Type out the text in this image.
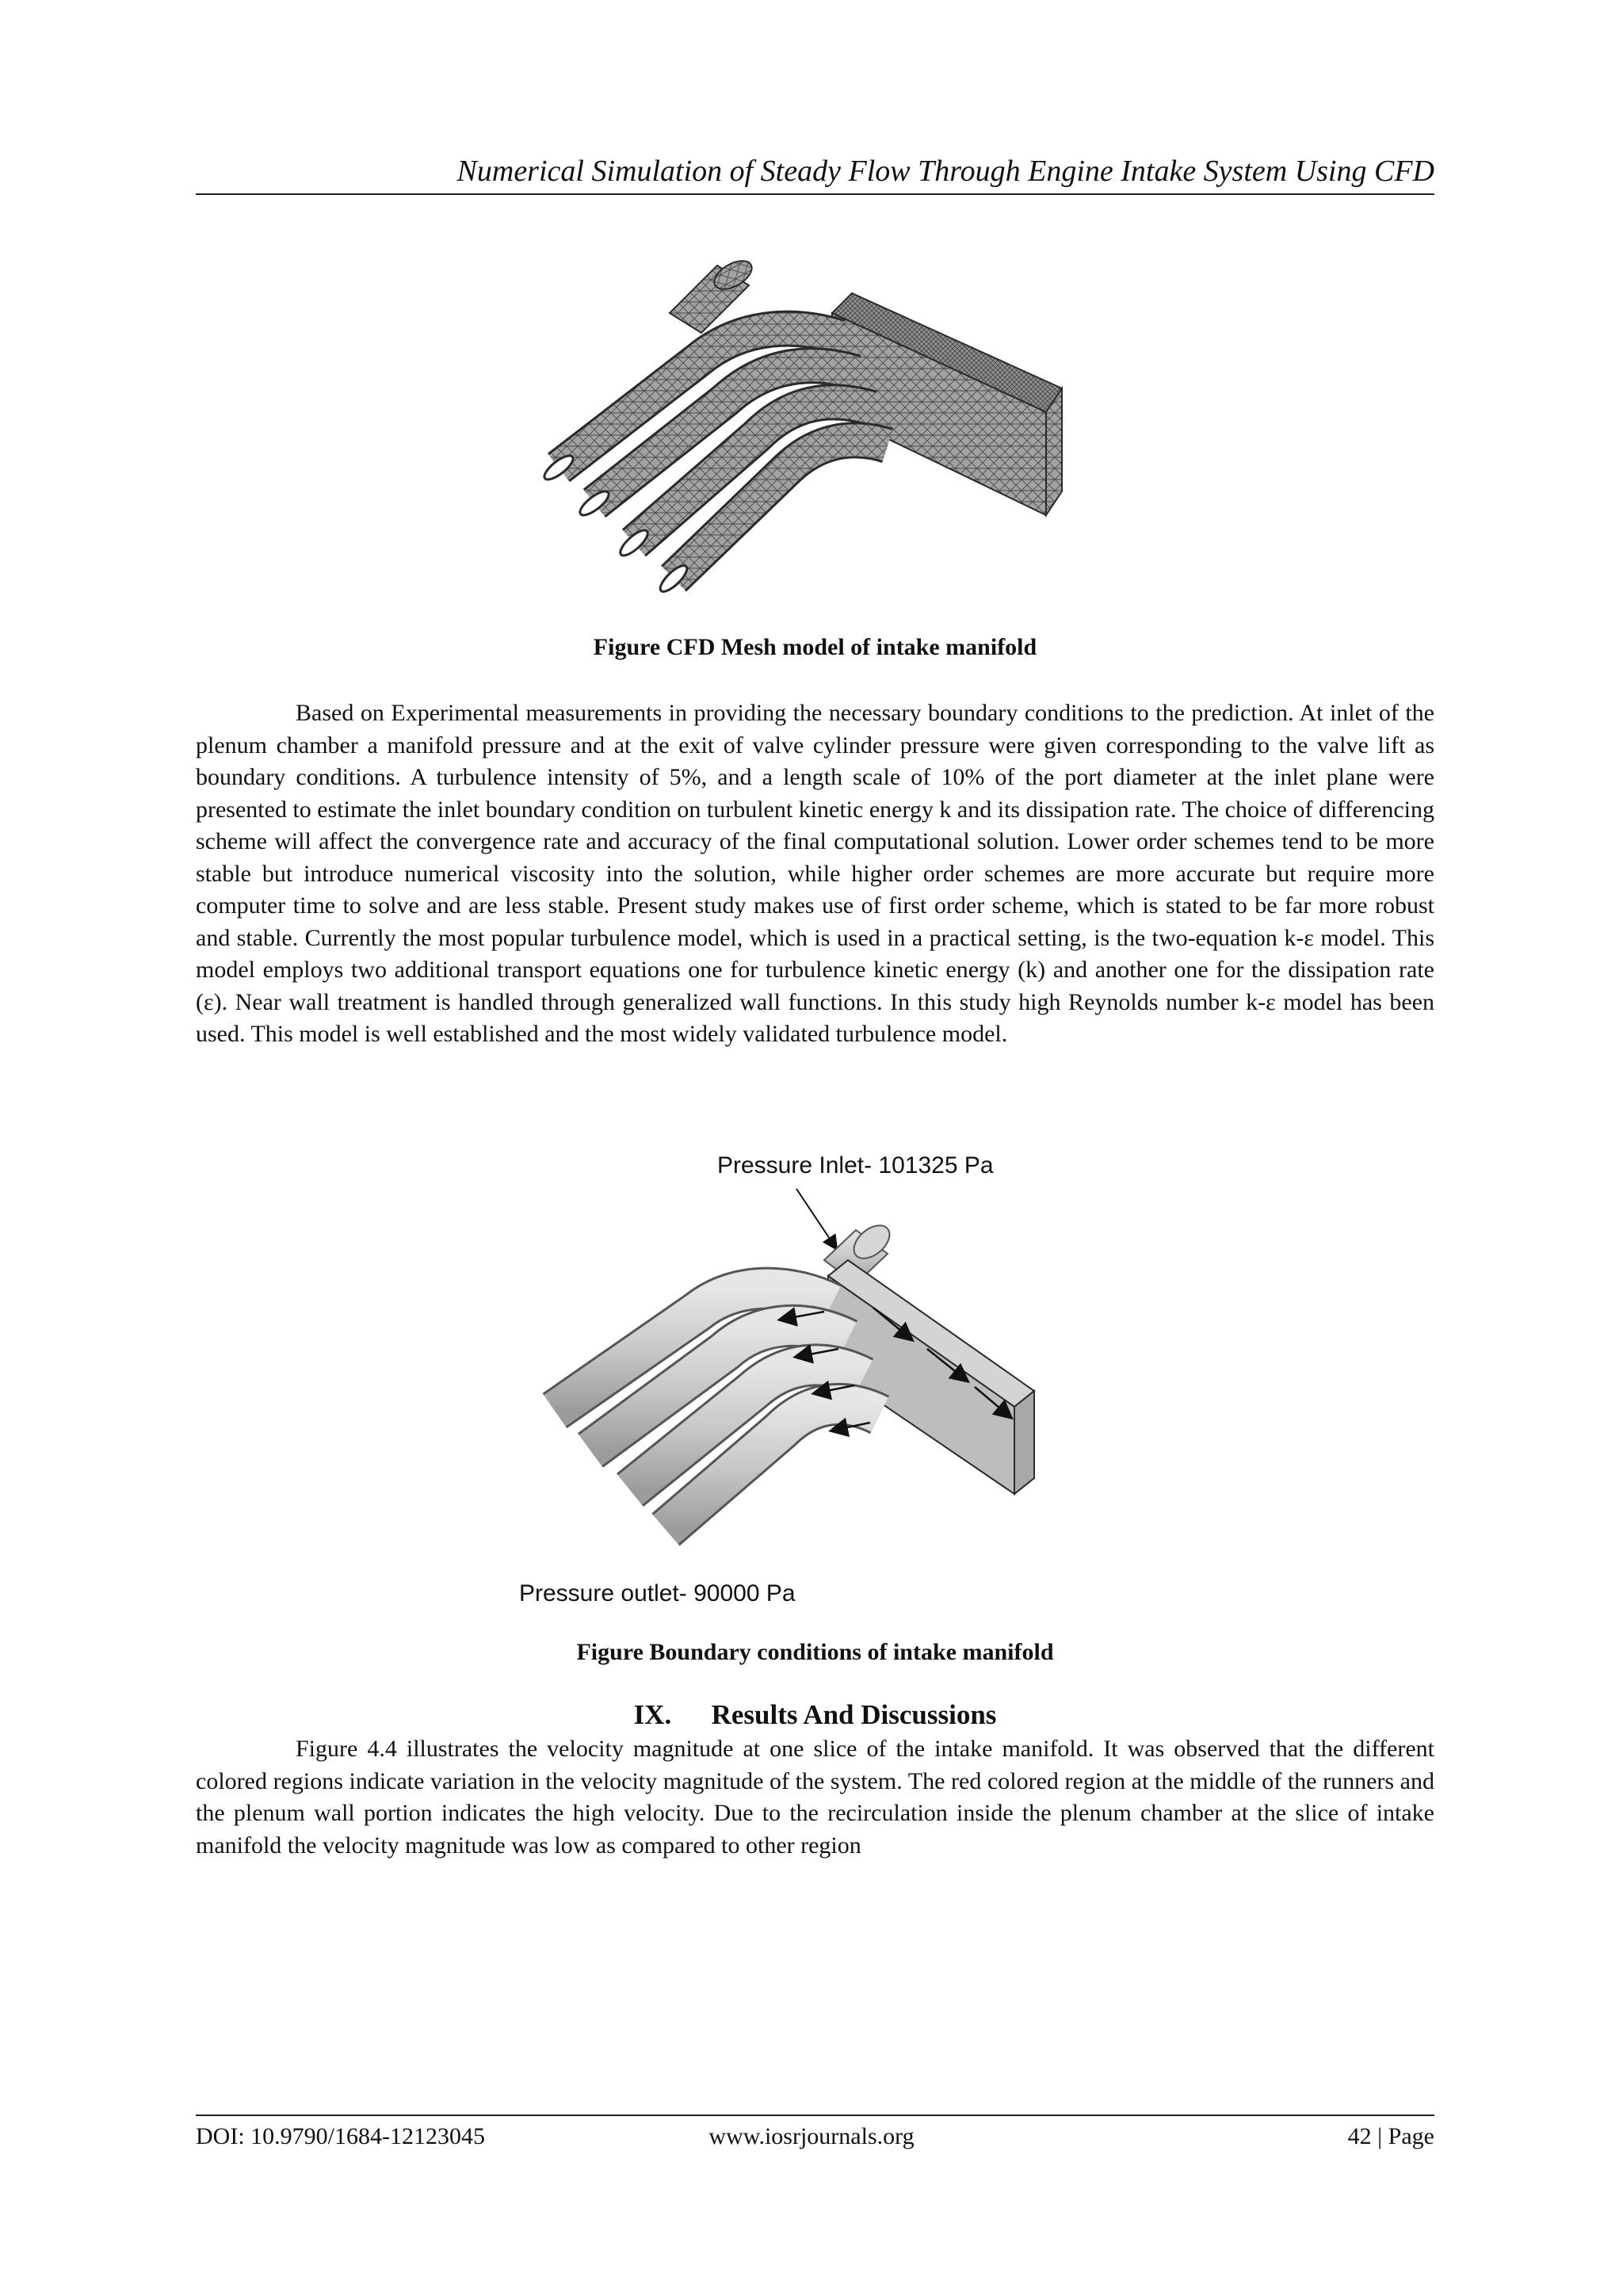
Numerical Simulation of Steady Flow Through Engine Intake System Using CFD
Figure CFD Mesh model of intake manifold
Based on Experimental measurements in providing the necessary boundary conditions to the prediction. At inlet of the plenum chamber a manifold pressure and at the exit of valve cylinder pressure were given corresponding to the valve lift as boundary conditions. A turbulence intensity of 5%, and a length scale of 10% of the port diameter at the inlet plane were presented to estimate the inlet boundary condition on turbulent kinetic energy k and its dissipation rate. The choice of differencing scheme will affect the convergence rate and accuracy of the final computational solution. Lower order schemes tend to be more stable but introduce numerical viscosity into the solution, while higher order schemes are more accurate but require more computer time to solve and are less stable. Present study makes use of first order scheme, which is stated to be far more robust and stable. Currently the most popular turbulence model, which is used in a practical setting, is the two-equation k-ε model. This model employs two additional transport equations one for turbulence kinetic energy (k) and another one for the dissipation rate (ε). Near wall treatment is handled through generalized wall functions. In this study high Reynolds number k-ε model has been used. This model is well established and the most widely validated turbulence model.
Pressure Inlet- 101325 Pa
Pressure outlet- 90000 Pa
Figure Boundary conditions of intake manifold
IX. Results And Discussions
Figure 4.4 illustrates the velocity magnitude at one slice of the intake manifold. It was observed that the different colored regions indicate variation in the velocity magnitude of the system. The red colored region at the middle of the runners and the plenum wall portion indicates the high velocity. Due to the recirculation inside the plenum chamber at the slice of intake manifold the velocity magnitude was low as compared to other region
DOI: 10.9790/1684-12123045	www.iosrjournals.org	42 | Page
